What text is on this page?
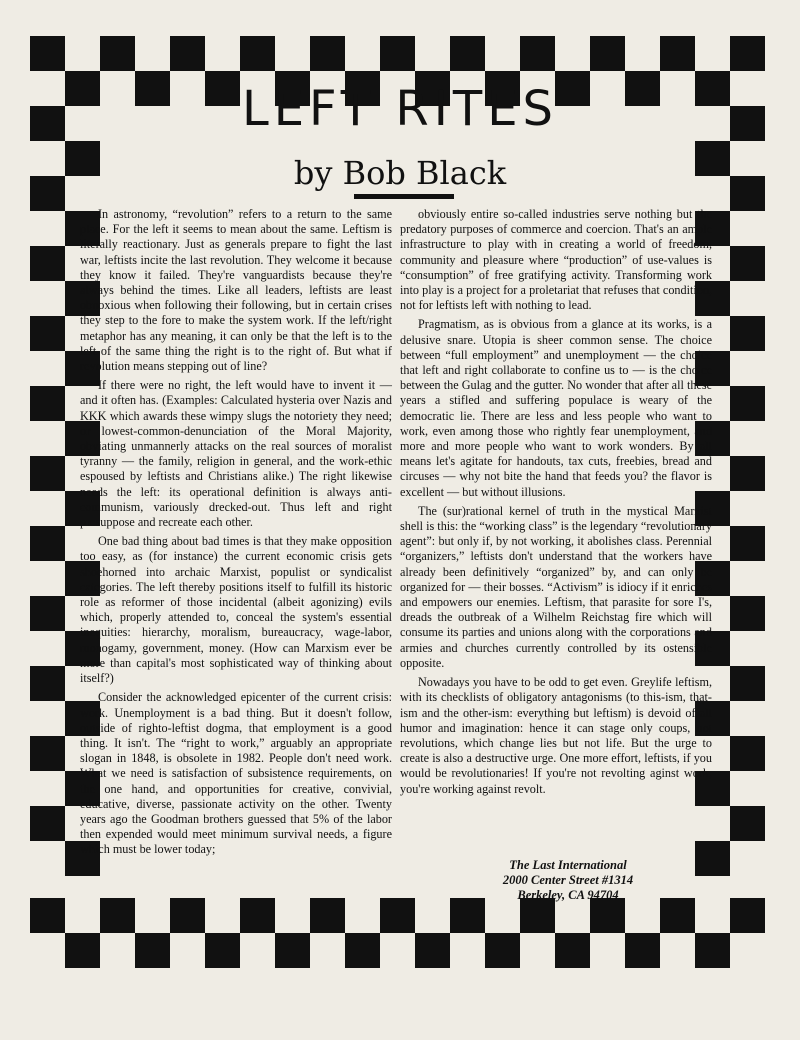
LEFT RITES
by Bob Black

In astronomy, “revolution” refers to a return to the same place. For the left it seems to mean about the same. Leftism is literally reactionary. Just as generals prepare to fight the last war, leftists incite the last revolution. They welcome it because they know it failed. They're vanguardists because they're always behind the times. Like all leaders, leftists are least obnoxious when following their following, but in certain crises they step to the fore to make the system work. If the left/right metaphor has any meaning, it can only be that the left is to the left of the same thing the right is to the right of. But what if revolution means stepping out of line?

If there were no right, the left would have to invent it — and it often has. (Examples: Calculated hysteria over Nazis and KKK which awards these wimpy slugs the notoriety they need; or lowest-common-denunciation of the Moral Majority, obviating unmannerly attacks on the real sources of moralist tyranny — the family, religion in general, and the work-ethic espoused by leftists and Christians alike.) The right likewise needs the left: its operational definition is always anti-communism, variously drecked-out. Thus left and right presuppose and recreate each other.

One bad thing about bad times is that they make opposition too easy, as (for instance) the current economic crisis gets shoehorned into archaic Marxist, populist or syndicalist categories. The left thereby positions itself to fulfill its historic role as reformer of those incidental (albeit agonizing) evils which, properly attended to, conceal the system's essential inequities: hierarchy, moralism, bureaucracy, wage-labor, monogamy, government, money. (How can Marxism ever be more than capital's most sophisticated way of thinking about itself?)

Consider the acknowledged epicenter of the current crisis: work. Unemployment is a bad thing. But it doesn't follow, outside of righto-leftist dogma, that employment is a good thing. It isn't. The “right to work,” arguably an appropriate slogan in 1848, is obsolete in 1982. People don't need work. What we need is satisfaction of subsistence requirements, on the one hand, and opportunities for creative, convivial, educative, diverse, passionate activity on the other. Twenty years ago the Goodman brothers guessed that 5% of the labor then expended would meet minimum survival needs, a figure which must be lower today;

obviously entire so-called industries serve nothing but the predatory purposes of commerce and coercion. That's an ample infrastructure to play with in creating a world of freedom, community and pleasure where “production” of use-values is “consumption” of free gratifying activity. Transforming work into play is a project for a proletariat that refuses that condition, not for leftists left with nothing to lead.

Pragmatism, as is obvious from a glance at its works, is a delusive snare. Utopia is sheer common sense. The choice between “full employment” and unemployment — the choice that left and right collaborate to confine us to — is the choice between the Gulag and the gutter. No wonder that after all these years a stifled and suffering populace is weary of the democratic lie. There are less and less people who want to work, even among those who rightly fear unemployment, and more and more people who want to work wonders. By all means let's agitate for handouts, tax cuts, freebies, bread and circuses — why not bite the hand that feeds you? the flavor is excellent — but without illusions.

The (sur)rational kernel of truth in the mystical Marxist shell is this: the “working class” is the legendary “revolutionary agent”: but only if, by not working, it abolishes class. Perennial “organizers,” leftists don't understand that the workers have already been definitively “organized” by, and can only be organized for — their bosses. “Activism” is idiocy if it enriches and empowers our enemies. Leftism, that parasite for sore I's, dreads the outbreak of a Wilhelm Reichstag fire which will consume its parties and unions along with the corporations and armies and churches currently controlled by its ostensible opposite.

Nowadays you have to be odd to get even. Greylife leftism, with its checklists of obligatory antagonisms (to this-ism, that-ism and the other-ism: everything but leftism) is devoid of all humor and imagination: hence it can stage only coups, not revolutions, which change lies but not life. But the urge to create is also a destructive urge. One more effort, leftists, if you would be revolutionaries! If you're not revolting aginst work, you're working against revolt.

The Last International
2000 Center Street #1314
Berkeley, CA 94704
